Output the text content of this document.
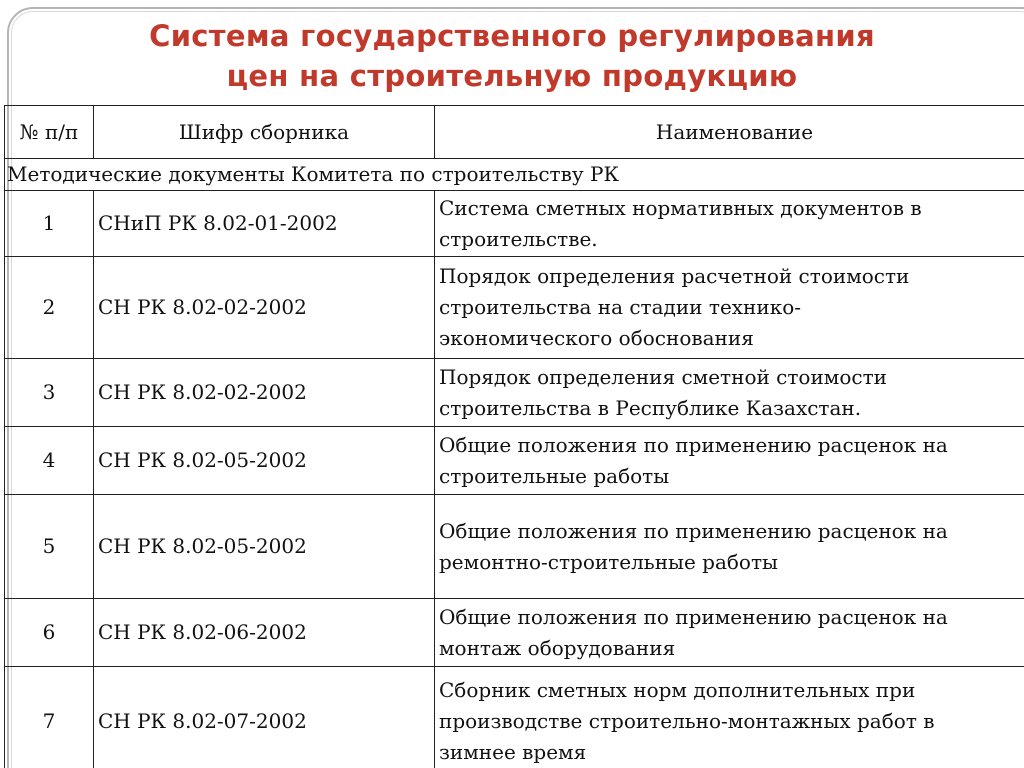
Система государственного регулирования
цен на строительную продукцию
№ п/п	Шифр сборника	Наименование
Методические документы Комитета по строительству РК		
1	СНиП РК 8.02-01-2002	Система сметных нормативных документов в
строительстве.

2	СН РК 8.02-02-2002	Порядок определения расчетной стоимости
строительства на стадии технико-
экономического обоснования

3	СН РК 8.02-02-2002	Порядок определения сметной стоимости
строительства в Республике Казахстан.

4	СН РК 8.02-05-2002	Общие положения по применению расценок на
строительные работы

5	СН РК 8.02-05-2002	Общие положения по применению расценок на
ремонтно-строительные работы

6	СН РК 8.02-06-2002	Общие положения по применению расценок на
монтаж оборудования

7	СН РК 8.02-07-2002	Сборник сметных норм дополнительных при
производстве строительно-монтажных работ в
зимнее время
